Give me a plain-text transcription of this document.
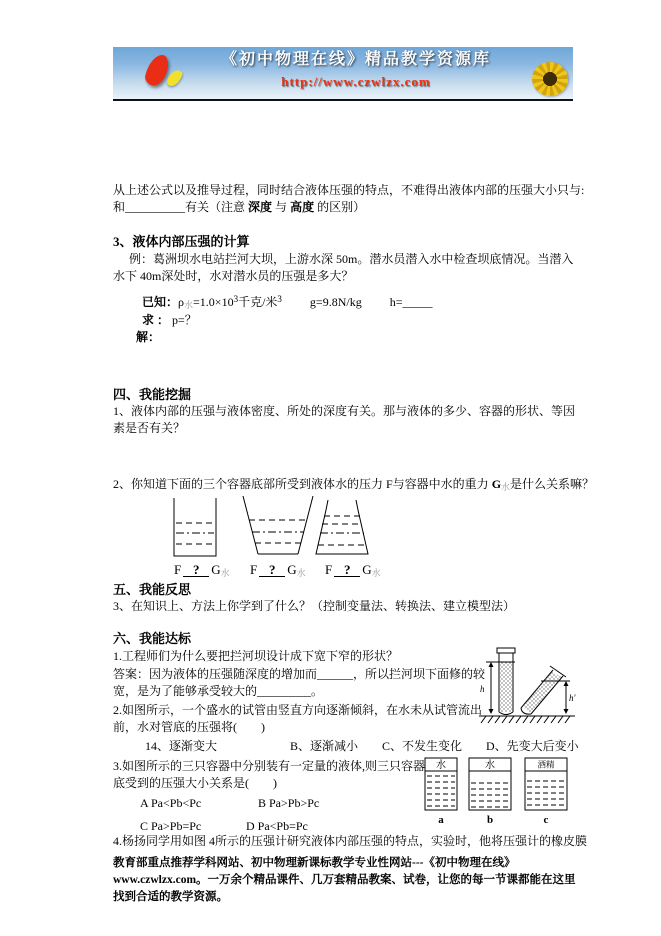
《初中物理在线》精品教学资源库
http://www.czwlzx.com
从上述公式以及推导过程，同时结合液体压强的特点，不难得出液体内部的压强大小只与:
和__________有关（注意 深度 与 高度 的区别）
3、液体内部压强的计算
例：葛洲坝水电站拦河大坝，上游水深 50m。潜水员潜入水中检查坝底情况。当潜入水下 40m深处时，水对潜水员的压强是多大？
已知：$\rho_水=1.0\times 10^3$千克/米$^3$ g=9.8N/kg h=_____
求 ： p=？
解：
四、我能挖掘
1、液体内部的压强与液体密度、所处的深度有关。那与液体的多少、容器的形状、等因素是否有关？
2、你知道下面的三个容器底部所受到液体水的压力 F与容器中水的重力 $G_水$是什么关系嘛？
F ? $G_水$ F ? $G_水$ F ? $G_水$
五、我能反思
3、在知识上、方法上你学到了什么？（控制变量法、转换法、建立模型法）
六、我能达标
1.工程师们为什么要把拦河坝设计成下宽下窄的形状？
答案：因为液体的压强随深度的增加而______，所以拦河坝下面修的较宽，是为了能够承受较大的_________。
2.如图所示，一个盛水的试管由竖直方向逐渐倾斜，在水未从试管流出前，水对管底的压强将(　　)
14、逐渐变大	B、逐渐减小 C、不发生变化 D、先变大后变小
h
h'
3.如图所示的三只容器中分别装有一定量的液体,则三只容器底受到的压强大小关系是(　　)
A Pa<Pb<Pc	B Pa>Pb>Pc
C Pa>Pb=Pc	D Pa<Pb=Pc
水
a
水
b
酒精
c
4.杨扬同学用如图 4所示的压强计研究液体内部压强的特点，实验时，他将压强计的橡皮膜
教育部重点推荐学科网站、初中物理新课标教学专业性网站---《初中物理在线》www.czwlzx.com。一万余个精品课件、几万套精品教案、试卷，让您的每一节课都能在这里找到合适的教学资源。
